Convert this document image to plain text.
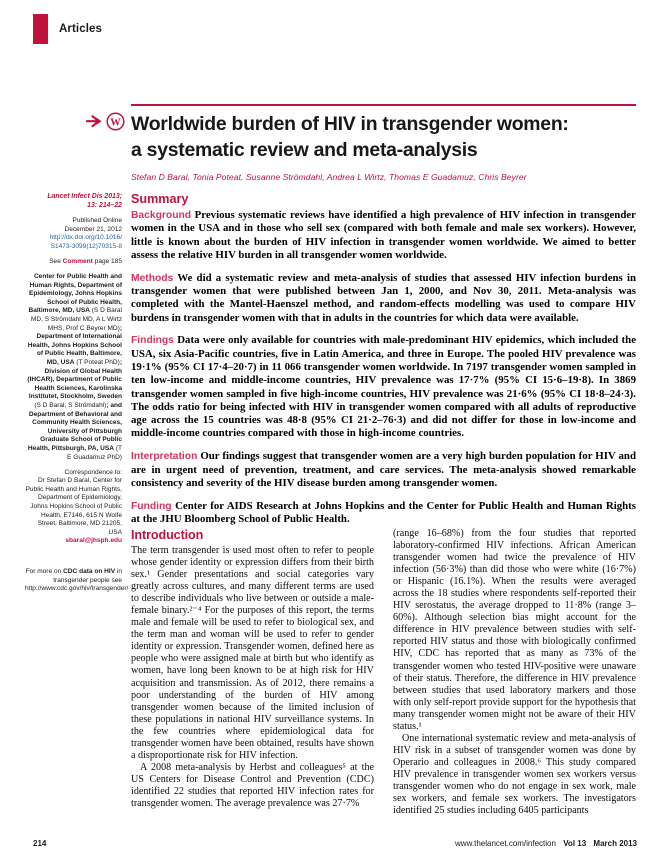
Articles
W Worldwide burden of HIV in transgender women:
a systematic review and meta-analysis
Stefan D Baral, Tonia Poteat, Susanne Strömdahl, Andrea L Wirtz, Thomas E Guadamuz, Chris Beyrer
Summary

Background Previous systematic reviews have identified a high prevalence of HIV infection in transgender women in the USA and in those who sell sex (compared with both female and male sex workers). However, little is known about the burden of HIV infection in transgender women worldwide. We aimed to better assess the relative HIV burden in all transgender women worldwide.

Methods We did a systematic review and meta-analysis of studies that assessed HIV infection burdens in transgender women that were published between Jan 1, 2000, and Nov 30, 2011. Meta-analysis was completed with the Mantel-Haenszel method, and random-effects modelling was used to compare HIV burdens in transgender women with that in adults in the countries for which data were available.

Findings Data were only available for countries with male-predominant HIV epidemics, which included the USA, six Asia-Pacific countries, five in Latin America, and three in Europe. The pooled HIV prevalence was 19·1% (95% CI 17·4–20·7) in 11 066 transgender women worldwide. In 7197 transgender women sampled in ten low-income and middle-income countries, HIV prevalence was 17·7% (95% CI 15·6–19·8). In 3869 transgender women sampled in five high-income countries, HIV prevalence was 21·6% (95% CI 18·8–24·3). The odds ratio for being infected with HIV in transgender women compared with all adults of reproductive age across the 15 countries was 48·8 (95% CI 21·2–76·3) and did not differ for those in low-income and middle-income countries compared with those in high-income countries.

Interpretation Our findings suggest that transgender women are a very high burden population for HIV and are in urgent need of prevention, treatment, and care services. The meta-analysis showed remarkable consistency and severity of the HIV disease burden among transgender women.

Funding Center for AIDS Research at Johns Hopkins and the Center for Public Health and Human Rights at the JHU Bloomberg School of Public Health.

Lancet Infect Dis 2013;
13: 214–22
Published Online
December 21, 2012
http://dx.doi.org/10.1016/
S1473-3099(12)70315-8
See Comment page 185
Center for Public Health and Human Rights, Department of Epidemiology, Johns Hopkins School of Public Health, Baltimore, MD, USA (S D Baral MD, S Strömdahl MD, A L Wirtz MHS, Prof C Beyrer MD); Department of International Health, Johns Hopkins School of Public Health, Baltimore, MD, USA (T Poteat PhD); Division of Global Health (IHCAR), Department of Public Health Sciences, Karolinska Institutet, Stockholm, Sweden (S D Baral, S Strömdahl); and Department of Behavioral and Community Health Sciences, University of Pittsburgh Graduate School of Public Health, Pittsburgh, PA, USA (T E Guadamuz PhD)
Correspondence to:
Dr Stefan D Baral, Center for Public Health and Human Rights, Department of Epidemiology, Johns Hopkins School of Public Health, E7146, 615 N Wolfe Street, Baltimore, MD 21205, USA
sbaral@jhsph.edu
For more on CDC data on HIV in transgender people see http://www.cdc.gov/hiv/transgender/
Introduction

The term transgender is used most often to refer to people whose gender identity or expression differs from their birth sex.¹ Gender presentations and social categories vary greatly across cultures, and many different terms are used to describe individuals who live between or outside a male-female binary.²⁻⁴ For the purposes of this report, the terms male and female will be used to refer to biological sex, and the term man and woman will be used to refer to gender identity or expression. Transgender women, defined here as people who were assigned male at birth but who identify as women, have long been known to be at high risk for HIV acquisition and transmission. As of 2012, there remains a poor understanding of the burden of HIV among transgender women because of the limited inclusion of these populations in national HIV surveillance systems. In the few countries where epidemiological data for transgender women have been obtained, results have shown a disproportionate risk for HIV infection.

A 2008 meta-analysis by Herbst and colleagues⁵ at the US Centers for Disease Control and Prevention (CDC) identified 22 studies that reported HIV infection rates for transgender women. The average prevalence was 27·7%

(range 16–68%) from the four studies that reported laboratory-confirmed HIV infections. African American transgender women had twice the prevalence of HIV infection (56·3%) than did those who were white (16·7%) or Hispanic (16.1%). When the results were averaged across the 18 studies where respondents self-reported their HIV serostatus, the average dropped to 11·8% (range 3–60%). Although selection bias might account for the difference in HIV prevalence between studies with self-reported HIV status and those with biologically confirmed HIV, CDC has reported that as many as 73% of the transgender women who tested HIV-positive were unaware of their status. Therefore, the difference in HIV prevalence between studies that used laboratory markers and those with only self-report provide support for the hypothesis that many transgender women might not be aware of their HIV status.¹

One international systematic review and meta-analysis of HIV risk in a subset of transgender women was done by Operario and colleagues in 2008.⁶ This study compared HIV prevalence in transgender women sex workers versus transgender women who do not engage in sex work, male sex workers, and female sex workers. The investigators identified 25 studies including 6405 participants

214	www.thelancet.com/infection Vol 13 March 2013
